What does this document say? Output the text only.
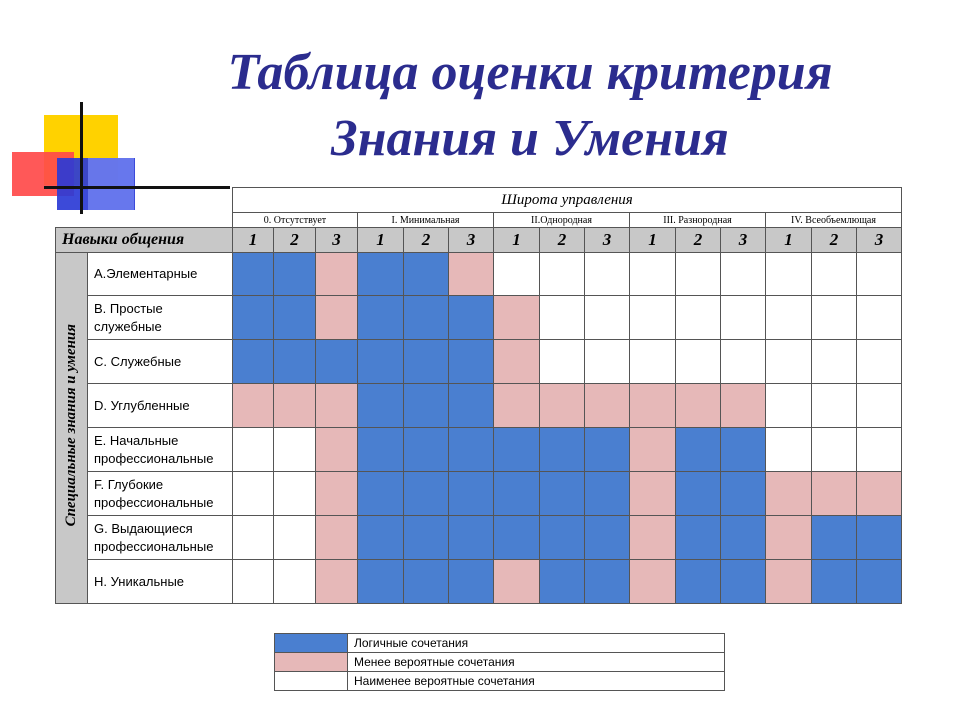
Таблица оценки критерия
Знания и Умения
		Широта управления														
		0. Отсутствует			I. Минимальная			II.Однородная			III. Разнородная			IV. Всеобъемлющая		
Навыки общения		1	2	3	1	2	3	1	2	3	1	2	3	1	2	3
Специальные знания и умения	A.Элементарные															
	B. Простые служебные															
	C. Служебные															
	D. Углубленные															
	E. Начальные профессиональные															
	F. Глубокие профессиональные															
	G. Выдающиеся профессиональные															
	H. Уникальные															
	Логичные сочетания
	Менее вероятные сочетания
	Наименее вероятные сочетания
